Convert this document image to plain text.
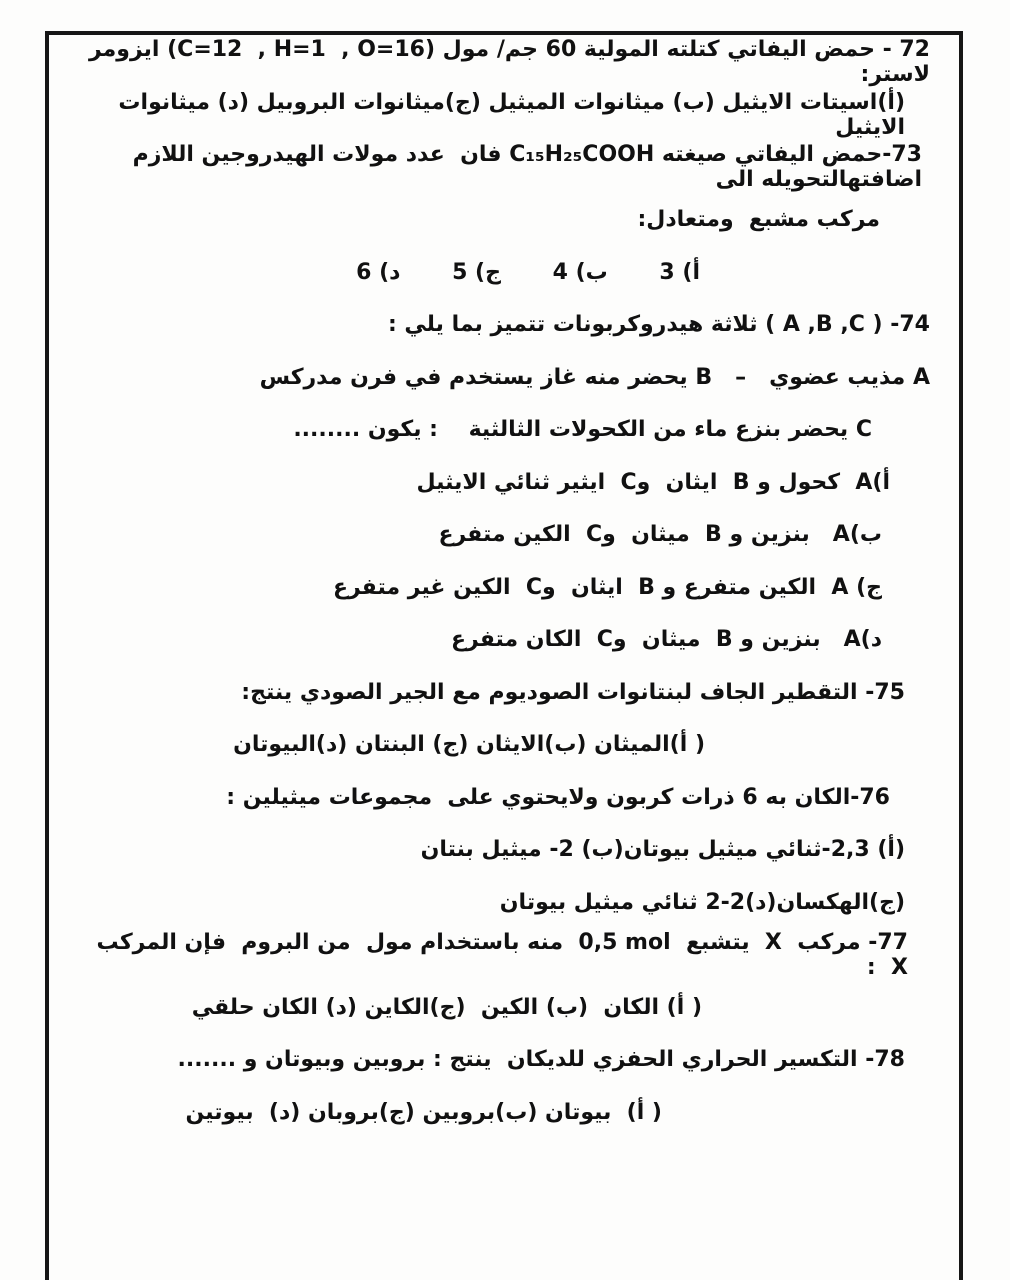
72 - حمض اليفاتي كتلته المولية 60 جم/ مول (‪C=12  , H=1  , O=16‬) ايزومر لاستر:
(أ)اسيتات الايثيل (ب) ميثانوات الميثيل (ج)ميثانوات البروبيل (د) ميثانوات  الايثيل
73-حمض اليفاتي صيغته ‪C₁₅H₂₅COOH‬ فان  عدد مولات الهيدروجين اللازم اضافتهالتحويله الى
مركب مشبع  ومتعادل:
أ) 3   ب) 4   ج) 5   د) 6
74- ( ‪A ,B ,C‬ ) ثلاثة هيدروكربونات تتميز بما يلي :
A مذيب عضوي   –   B يحضر منه غاز يستخدم في فرن مدركس
C يحضر بنزع ماء من الكحولات الثالثية    : يكون ........
أ)A  كحول و B  ايثان  وC  ايثير ثنائي الايثيل
ب)A   بنزين و B  ميثان  وC  الكين متفرع
ج) A  الكين متفرع و B  ايثان  وC  الكين غير متفرع
د)A   بنزين و B  ميثان  وC  الكان متفرع
75- التقطير الجاف لبنتانوات الصوديوم مع الجير الصودي ينتج:
( أ)الميثان (ب)الايثان (ج) البنتان (د)البيوتان
76-الكان به 6 ذرات كربون ولايحتوي على  مجموعات ميثيلين :
(أ) 2,3-ثنائي ميثيل بيوتان(ب) 2- ميثيل بنتان
(ج)الهكسان(د)2-2 ثنائي ميثيل بيوتان
77- مركب  X  يتشبع  ‪0,5 mol‬  منه باستخدام مول  من البروم  فإن المركب  X  :
( أ) الكان  (ب) الكين  (ج)الكاين (د) الكان حلقي
78- التكسير الحراري الحفزي للديكان  ينتج : بروبين وبيوتان و .......
( أ)  بيوتان (ب)بروبين (ج)بروبان (د)  بيوتين
